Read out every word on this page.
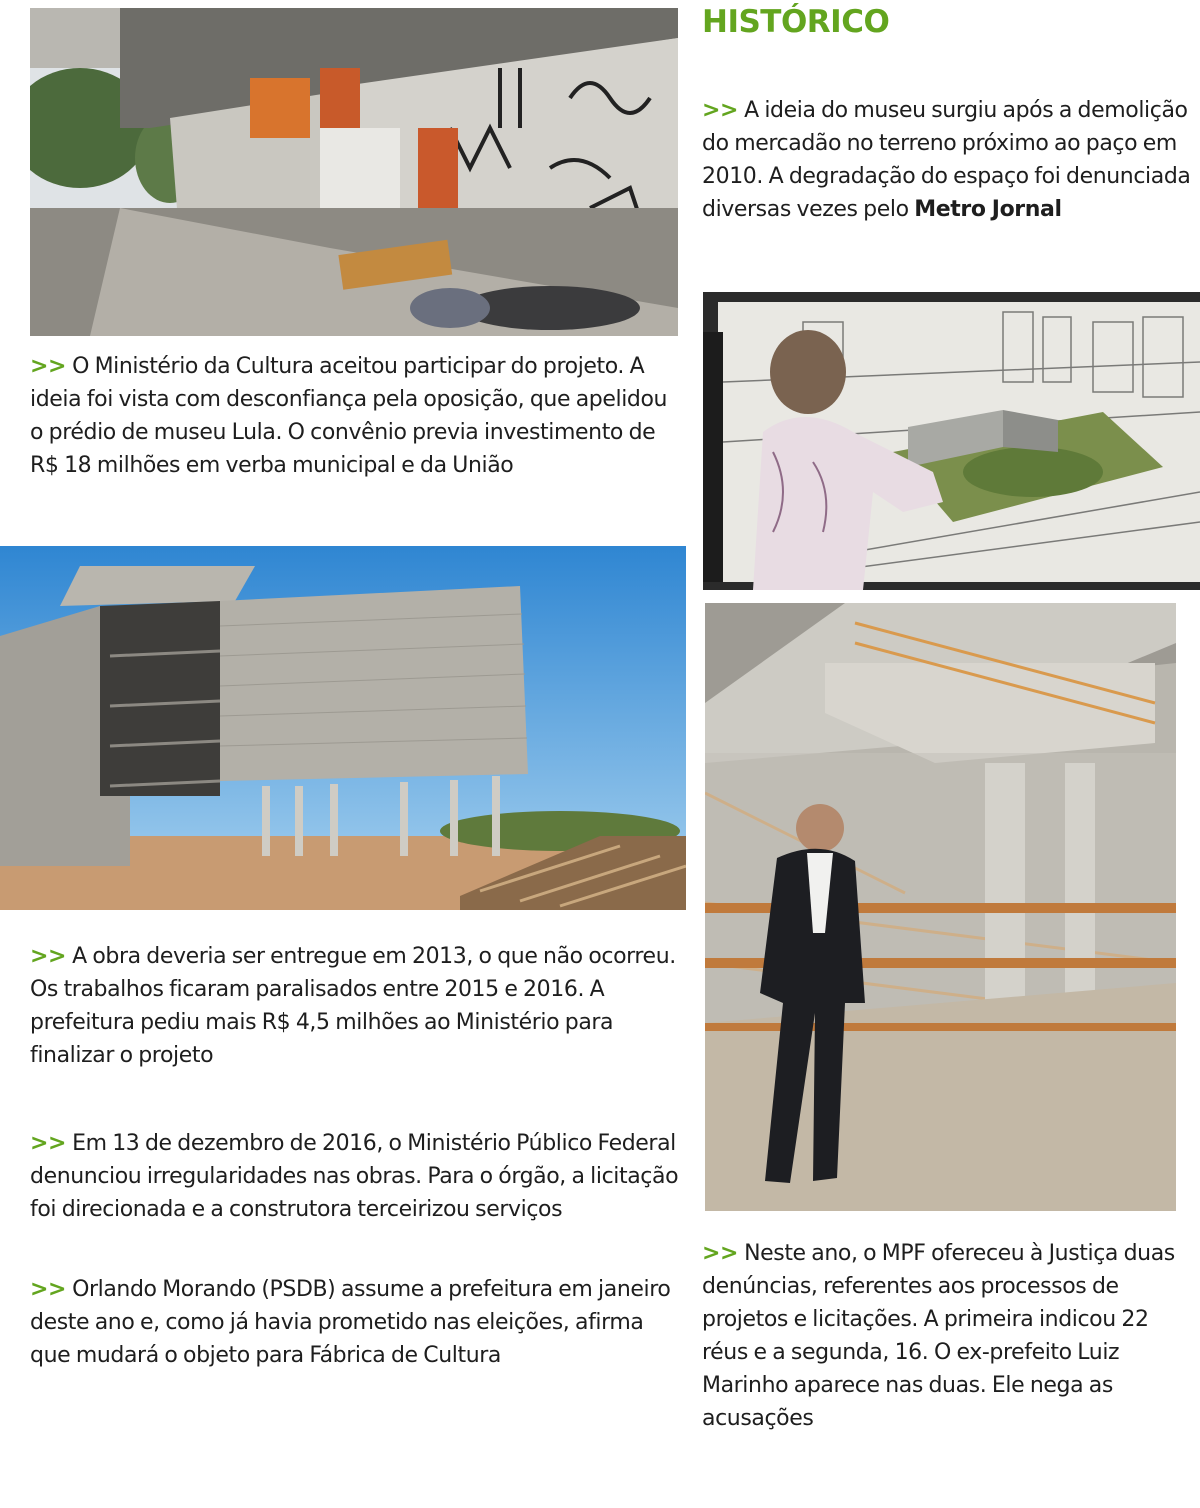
HISTÓRICO

>> A ideia do museu surgiu após a demolição do mercadão no terreno próximo ao paço em 2010. A degradação do espaço foi denunciada diversas vezes pelo Metro Jornal

>> O Ministério da Cultura aceitou participar do projeto. A ideia foi vista com desconfiança pela oposição, que apelidou o prédio de museu Lula. O convênio previa investimento de R$ 18 milhões em verba municipal e da União

>> A obra deveria ser entregue em 2013, o que não ocorreu. Os trabalhos ficaram paralisados entre 2015 e 2016. A prefeitura pediu mais R$ 4,5 milhões ao Ministério para finalizar o projeto

>> Em 13 de dezembro de 2016, o Ministério Público Federal denunciou irregularidades nas obras. Para o órgão, a licitação foi direcionada e a construtora terceirizou serviços

>> Neste ano, o MPF ofereceu à Justiça duas denúncias, referentes aos processos de projetos e licitações. A primeira indicou 22 réus e a segunda, 16. O ex-prefeito Luiz Marinho aparece nas duas. Ele nega as acusações

>> Orlando Morando (PSDB) assume a prefeitura em janeiro deste ano e, como já havia prometido nas eleições, afirma que mudará o objeto para Fábrica de Cultura
